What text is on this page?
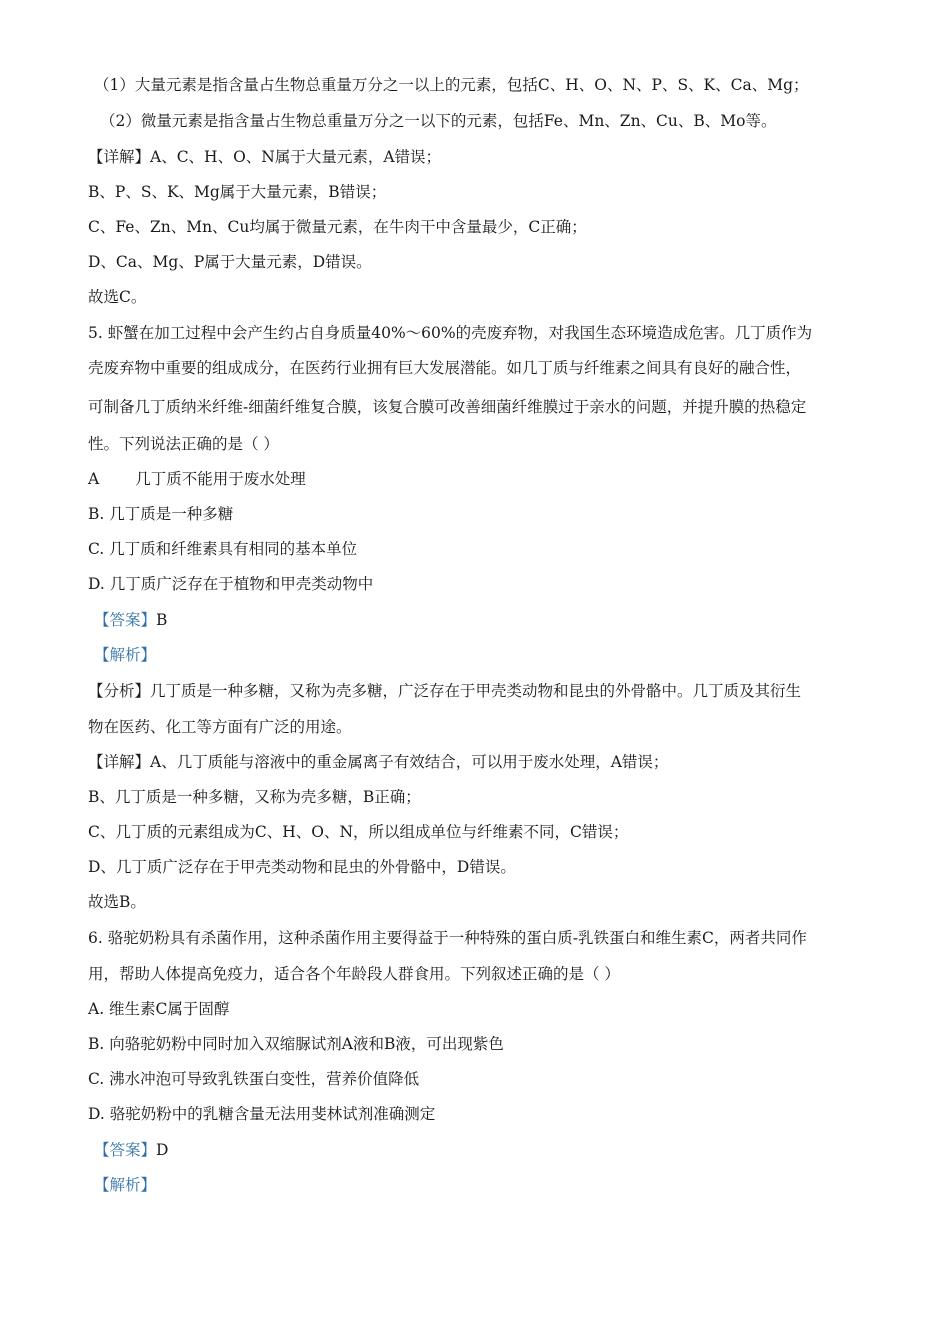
（1）大量元素是指含量占生物总重量万分之一以上的元素，包括C、H、O、N、P、S、K、Ca、Mg；
（2）微量元素是指含量占生物总重量万分之一以下的元素，包括Fe、Mn、Zn、Cu、B、Mo等。
【详解】A、C、H、O、N属于大量元素，A错误；
B、P、S、K、Mg属于大量元素，B错误；
C、Fe、Zn、Mn、Cu均属于微量元素，在牛肉干中含量最少，C正确；
D、Ca、Mg、P属于大量元素，D错误。
故选C。
5. 虾蟹在加工过程中会产生约占自身质量40%～60%的壳废弃物，对我国生态环境造成危害。几丁质作为
壳废弃物中重要的组成成分，在医药行业拥有巨大发展潜能。如几丁质与纤维素之间具有良好的融合性，
可制备几丁质纳米纤维-细菌纤维复合膜，该复合膜可改善细菌纤维膜过于亲水的问题，并提升膜的热稳定
性。下列说法正确的是（ ）
A 几丁质不能用于废水处理
B. 几丁质是一种多糖
C. 几丁质和纤维素具有相同的基本单位
D. 几丁质广泛存在于植物和甲壳类动物中
【答案】B
【解析】
【分析】几丁质是一种多糖，又称为壳多糖，广泛存在于甲壳类动物和昆虫的外骨骼中。几丁质及其衍生
物在医药、化工等方面有广泛的用途。
【详解】A、几丁质能与溶液中的重金属离子有效结合，可以用于废水处理，A错误；
B、几丁质是一种多糖，又称为壳多糖，B正确；
C、几丁质的元素组成为C、H、O、N，所以组成单位与纤维素不同，C错误；
D、几丁质广泛存在于甲壳类动物和昆虫的外骨骼中，D错误。
故选B。
6. 骆驼奶粉具有杀菌作用，这种杀菌作用主要得益于一种特殊的蛋白质-乳铁蛋白和维生素C，两者共同作
用，帮助人体提高免疫力，适合各个年龄段人群食用。下列叙述正确的是（ ）
A. 维生素C属于固醇
B. 向骆驼奶粉中同时加入双缩脲试剂A液和B液，可出现紫色
C. 沸水冲泡可导致乳铁蛋白变性，营养价值降低
D. 骆驼奶粉中的乳糖含量无法用斐林试剂准确测定
【答案】D
【解析】
